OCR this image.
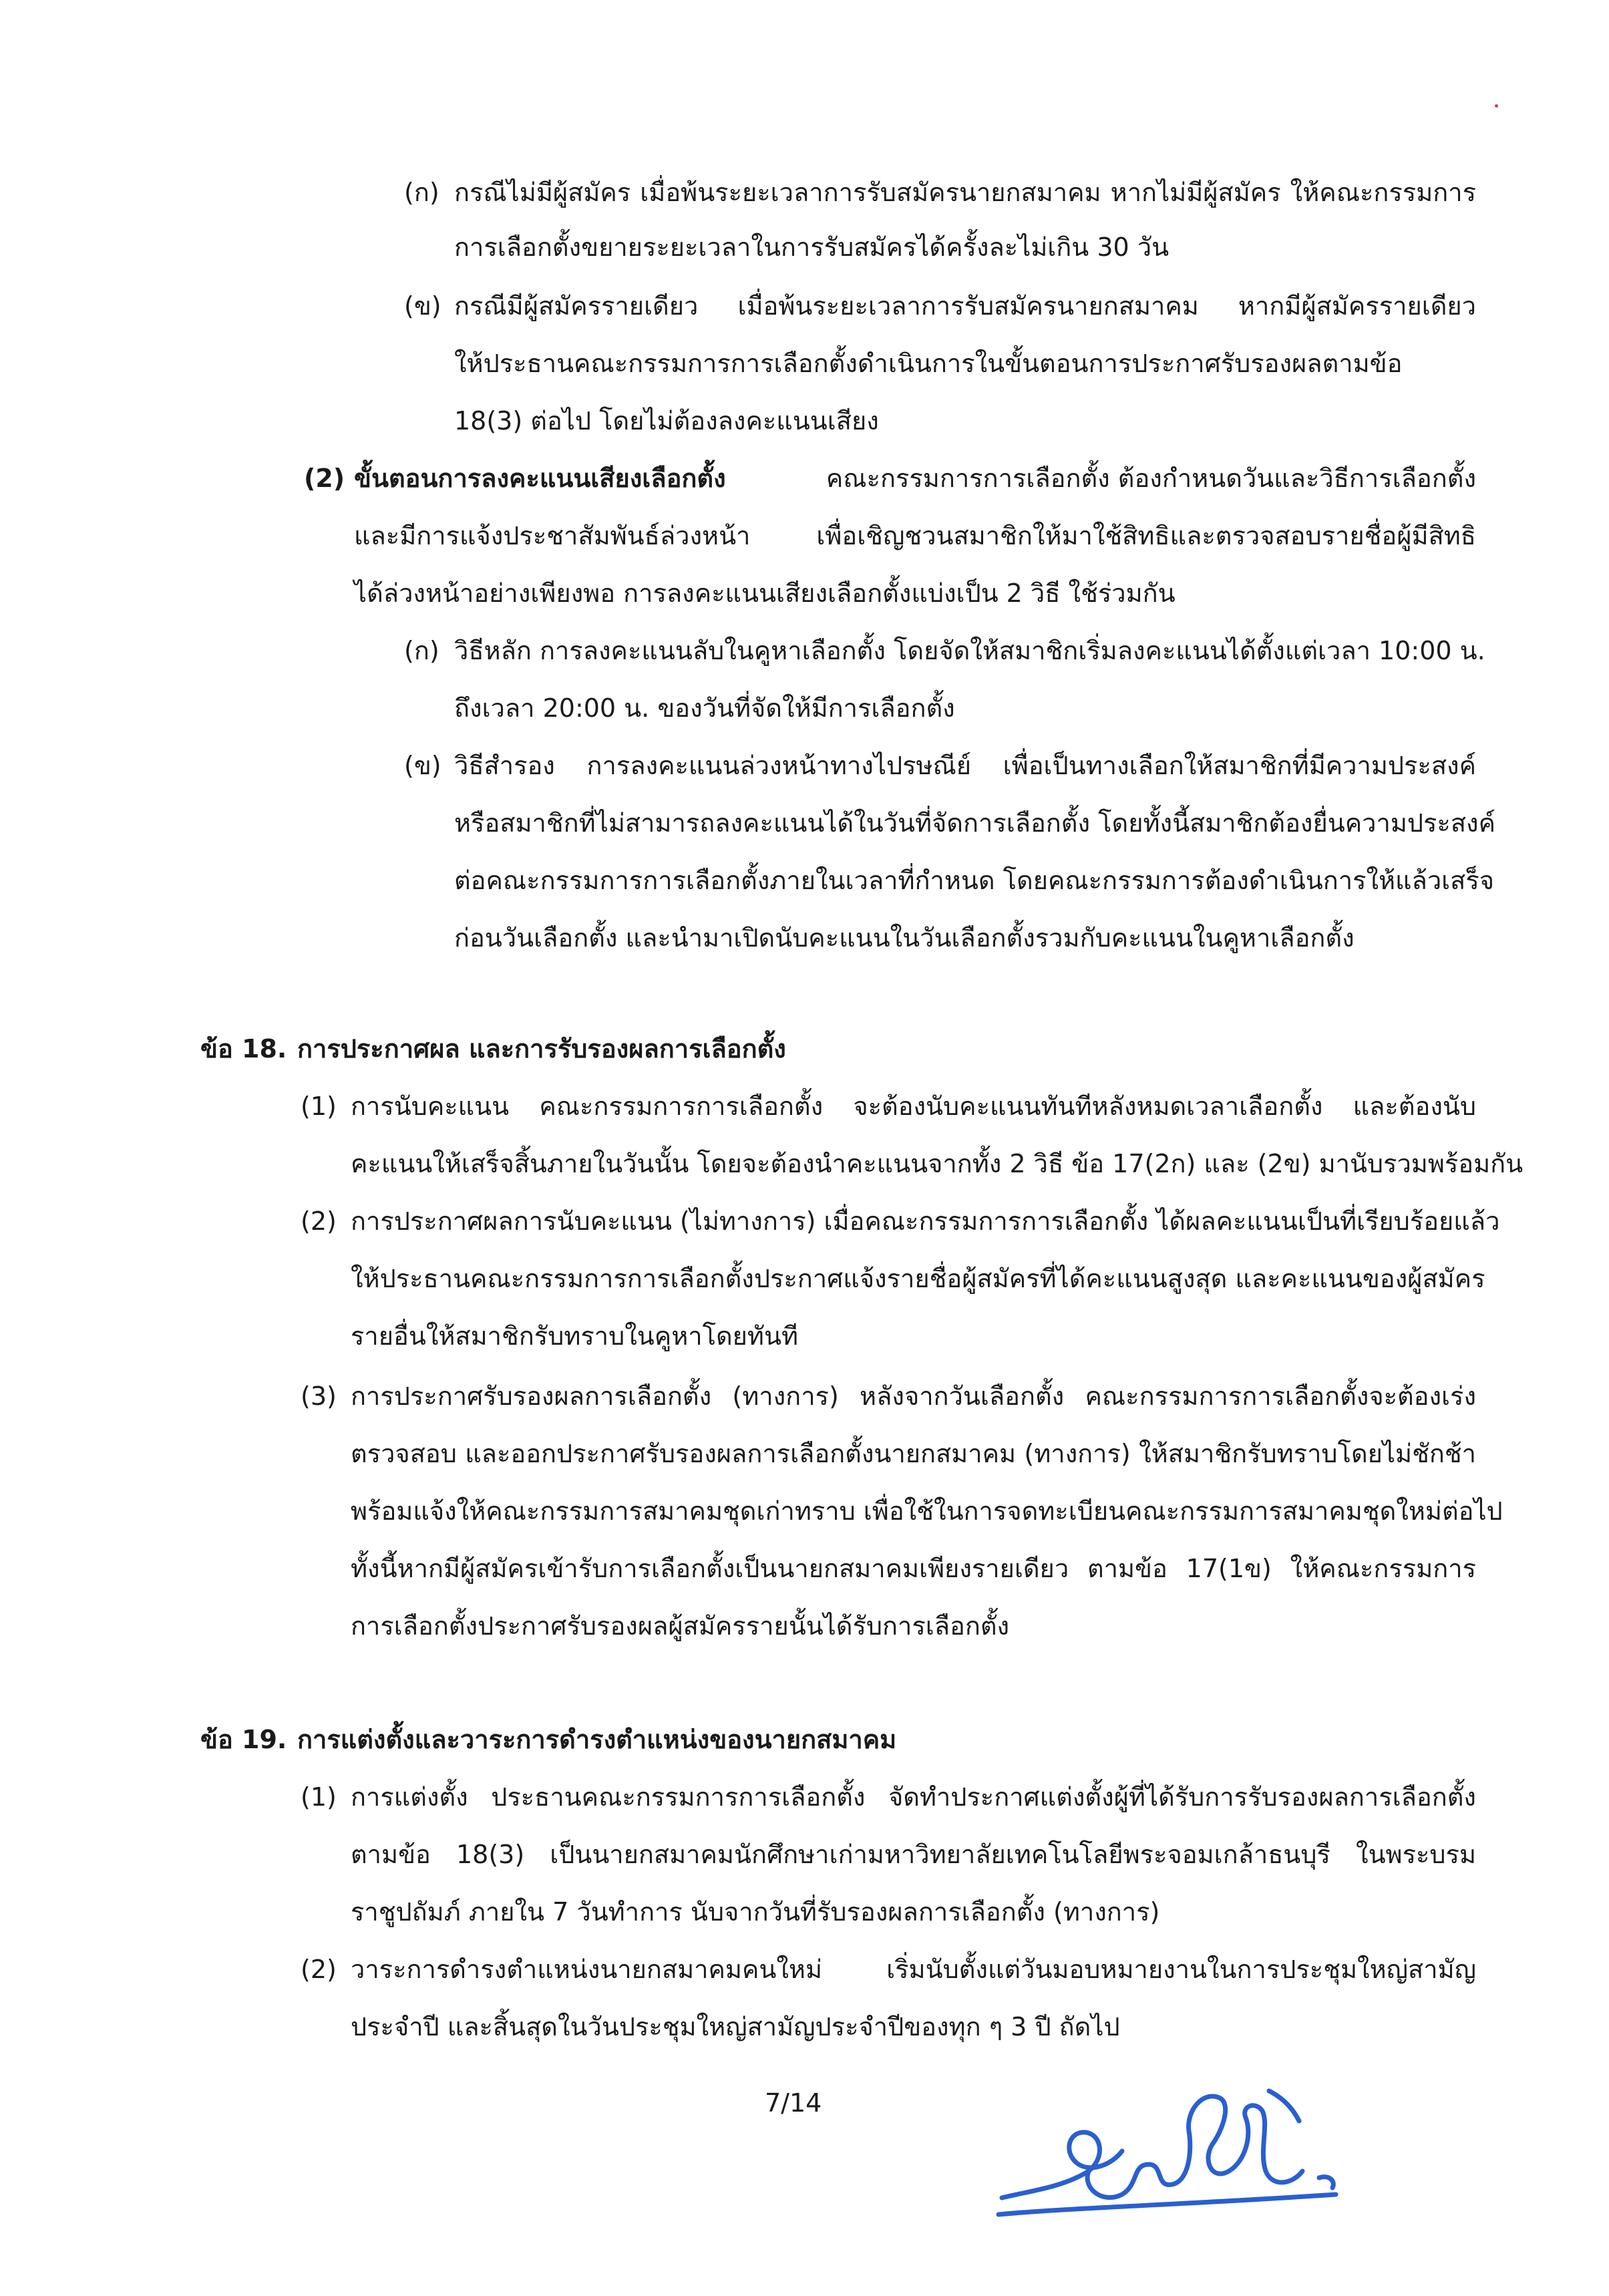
(ก) กรณีไม่มีผู้สมัคร เมื่อพ้นระยะเวลาการรับสมัครนายกสมาคม หากไม่มีผู้สมัคร ให้คณะกรรมการ
การเลือกตั้งขยายระยะเวลาในการรับสมัครได้ครั้งละไม่เกิน 30 วัน
(ข) กรณีมีผู้สมัครรายเดียว เมื่อพ้นระยะเวลาการรับสมัครนายกสมาคม หากมีผู้สมัครรายเดียว
ให้ประธานคณะกรรมการการเลือกตั้งดำเนินการในขั้นตอนการประกาศรับรองผลตามข้อ
18(3) ต่อไป โดยไม่ต้องลงคะแนนเสียง
(2) ขั้นตอนการลงคะแนนเสียงเลือกตั้ง	คณะกรรมการการเลือกตั้ง ต้องกำหนดวันและวิธีการเลือกตั้ง
และมีการแจ้งประชาสัมพันธ์ล่วงหน้า เพื่อเชิญชวนสมาชิกให้มาใช้สิทธิและตรวจสอบรายชื่อผู้มีสิทธิ
ได้ล่วงหน้าอย่างเพียงพอ การลงคะแนนเสียงเลือกตั้งแบ่งเป็น 2 วิธี ใช้ร่วมกัน
(ก) วิธีหลัก การลงคะแนนลับในคูหาเลือกตั้ง โดยจัดให้สมาชิกเริ่มลงคะแนนได้ตั้งแต่เวลา 10:00 น.
ถึงเวลา 20:00 น. ของวันที่จัดให้มีการเลือกตั้ง
(ข) วิธีสำรอง การลงคะแนนล่วงหน้าทางไปรษณีย์ เพื่อเป็นทางเลือกให้สมาชิกที่มีความประสงค์
หรือสมาชิกที่ไม่สามารถลงคะแนนได้ในวันที่จัดการเลือกตั้ง โดยทั้งนี้สมาชิกต้องยื่นความประสงค์
ต่อคณะกรรมการการเลือกตั้งภายในเวลาที่กำหนด โดยคณะกรรมการต้องดำเนินการให้แล้วเสร็จ
ก่อนวันเลือกตั้ง และนำมาเปิดนับคะแนนในวันเลือกตั้งรวมกับคะแนนในคูหาเลือกตั้ง
ข้อ 18. การประกาศผล และการรับรองผลการเลือกตั้ง
(1) การนับคะแนน คณะกรรมการการเลือกตั้ง จะต้องนับคะแนนทันทีหลังหมดเวลาเลือกตั้ง และต้องนับ
คะแนนให้เสร็จสิ้นภายในวันนั้น โดยจะต้องนำคะแนนจากทั้ง 2 วิธี ข้อ 17(2ก) และ (2ข) มานับรวมพร้อมกัน
(2) การประกาศผลการนับคะแนน (ไม่ทางการ) เมื่อคณะกรรมการการเลือกตั้ง ได้ผลคะแนนเป็นที่เรียบร้อยแล้ว
ให้ประธานคณะกรรมการการเลือกตั้งประกาศแจ้งรายชื่อผู้สมัครที่ได้คะแนนสูงสุด และคะแนนของผู้สมัคร
รายอื่นให้สมาชิกรับทราบในคูหาโดยทันที
(3) การประกาศรับรองผลการเลือกตั้ง (ทางการ) หลังจากวันเลือกตั้ง คณะกรรมการการเลือกตั้งจะต้องเร่ง
ตรวจสอบ และออกประกาศรับรองผลการเลือกตั้งนายกสมาคม (ทางการ) ให้สมาชิกรับทราบโดยไม่ชักช้า
พร้อมแจ้งให้คณะกรรมการสมาคมชุดเก่าทราบ เพื่อใช้ในการจดทะเบียนคณะกรรมการสมาคมชุดใหม่ต่อไป
ทั้งนี้หากมีผู้สมัครเข้ารับการเลือกตั้งเป็นนายกสมาคมเพียงรายเดียว ตามข้อ 17(1ข) ให้คณะกรรมการ
การเลือกตั้งประกาศรับรองผลผู้สมัครรายนั้นได้รับการเลือกตั้ง
ข้อ 19. การแต่งตั้งและวาระการดำรงตำแหน่งของนายกสมาคม
(1) การแต่งตั้ง ประธานคณะกรรมการการเลือกตั้ง จัดทำประกาศแต่งตั้งผู้ที่ได้รับการรับรองผลการเลือกตั้ง
ตามข้อ 18(3) เป็นนายกสมาคมนักศึกษาเก่ามหาวิทยาลัยเทคโนโลยีพระจอมเกล้าธนบุรี ในพระบรม
ราชูปถัมภ์ ภายใน 7 วันทำการ นับจากวันที่รับรองผลการเลือกตั้ง (ทางการ)
(2) วาระการดำรงตำแหน่งนายกสมาคมคนใหม่ เริ่มนับตั้งแต่วันมอบหมายงานในการประชุมใหญ่สามัญ
ประจำปี และสิ้นสุดในวันประชุมใหญ่สามัญประจำปีของทุก ๆ 3 ปี ถัดไป
7/14
